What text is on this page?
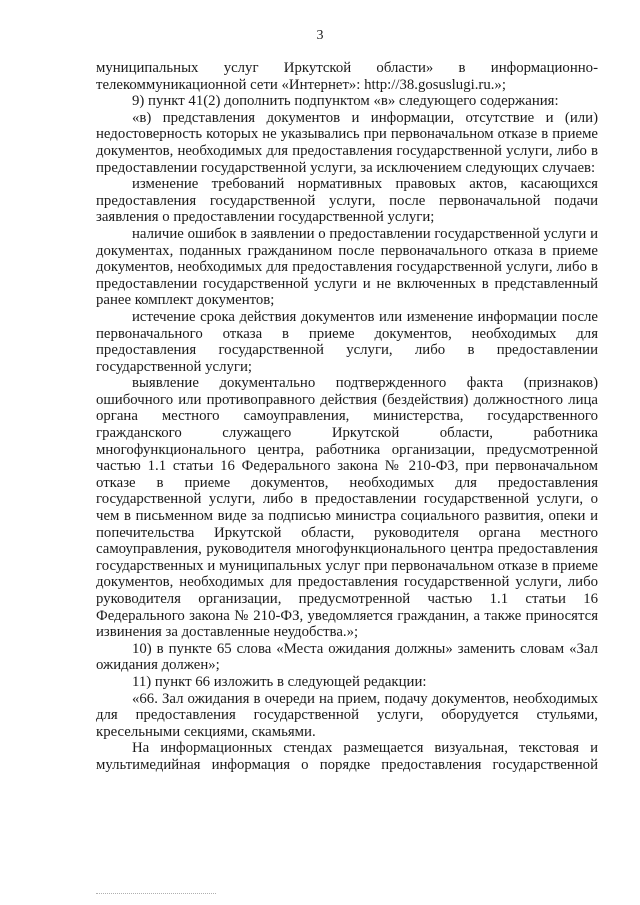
3

муниципальных услуг Иркутской области» в информационно-телекоммуникационной сети «Интернет»: http://38.gosuslugi.ru.»;

9) пункт 41(2) дополнить подпунктом «в» следующего содержания:

«в) представления документов и информации, отсутствие и (или) недостоверность которых не указывались при первоначальном отказе в приеме документов, необходимых для предоставления государственной услуги, либо в предоставлении государственной услуги, за исключением следующих случаев:

изменение требований нормативных правовых актов, касающихся предоставления государственной услуги, после первоначальной подачи заявления о предоставлении государственной услуги;

наличие ошибок в заявлении о предоставлении государственной услуги и документах, поданных гражданином после первоначального отказа в приеме документов, необходимых для предоставления государственной услуги, либо в предоставлении государственной услуги и не включенных в представленный ранее комплект документов;

истечение срока действия документов или изменение информации после первоначального отказа в приеме документов, необходимых для предоставления государственной услуги, либо в предоставлении государственной услуги;

выявление документально подтвержденного факта (признаков) ошибочного или противоправного действия (бездействия) должностного лица органа местного самоуправления, министерства, государственного гражданского служащего Иркутской области, работника многофункционального центра, работника организации, предусмотренной частью 1.1 статьи 16 Федерального закона № 210-ФЗ, при первоначальном отказе в приеме документов, необходимых для предоставления государственной услуги, либо в предоставлении государственной услуги, о чем в письменном виде за подписью министра социального развития, опеки и попечительства Иркутской области, руководителя органа местного самоуправления, руководителя многофункционального центра предоставления государственных и муниципальных услуг при первоначальном отказе в приеме документов, необходимых для предоставления государственной услуги, либо руководителя организации, предусмотренной частью 1.1 статьи 16 Федерального закона № 210-ФЗ, уведомляется гражданин, а также приносятся извинения за доставленные неудобства.»;

10) в пункте 65 слова «Места ожидания должны» заменить словам «Зал ожидания должен»;

11) пункт 66 изложить в следующей редакции:

«66. Зал ожидания в очереди на прием, подачу документов, необходимых для предоставления государственной услуги, оборудуется стульями, кресельными секциями, скамьями.

На информационных стендах размещается визуальная, текстовая и мультимедийная информация о порядке предоставления государственной
